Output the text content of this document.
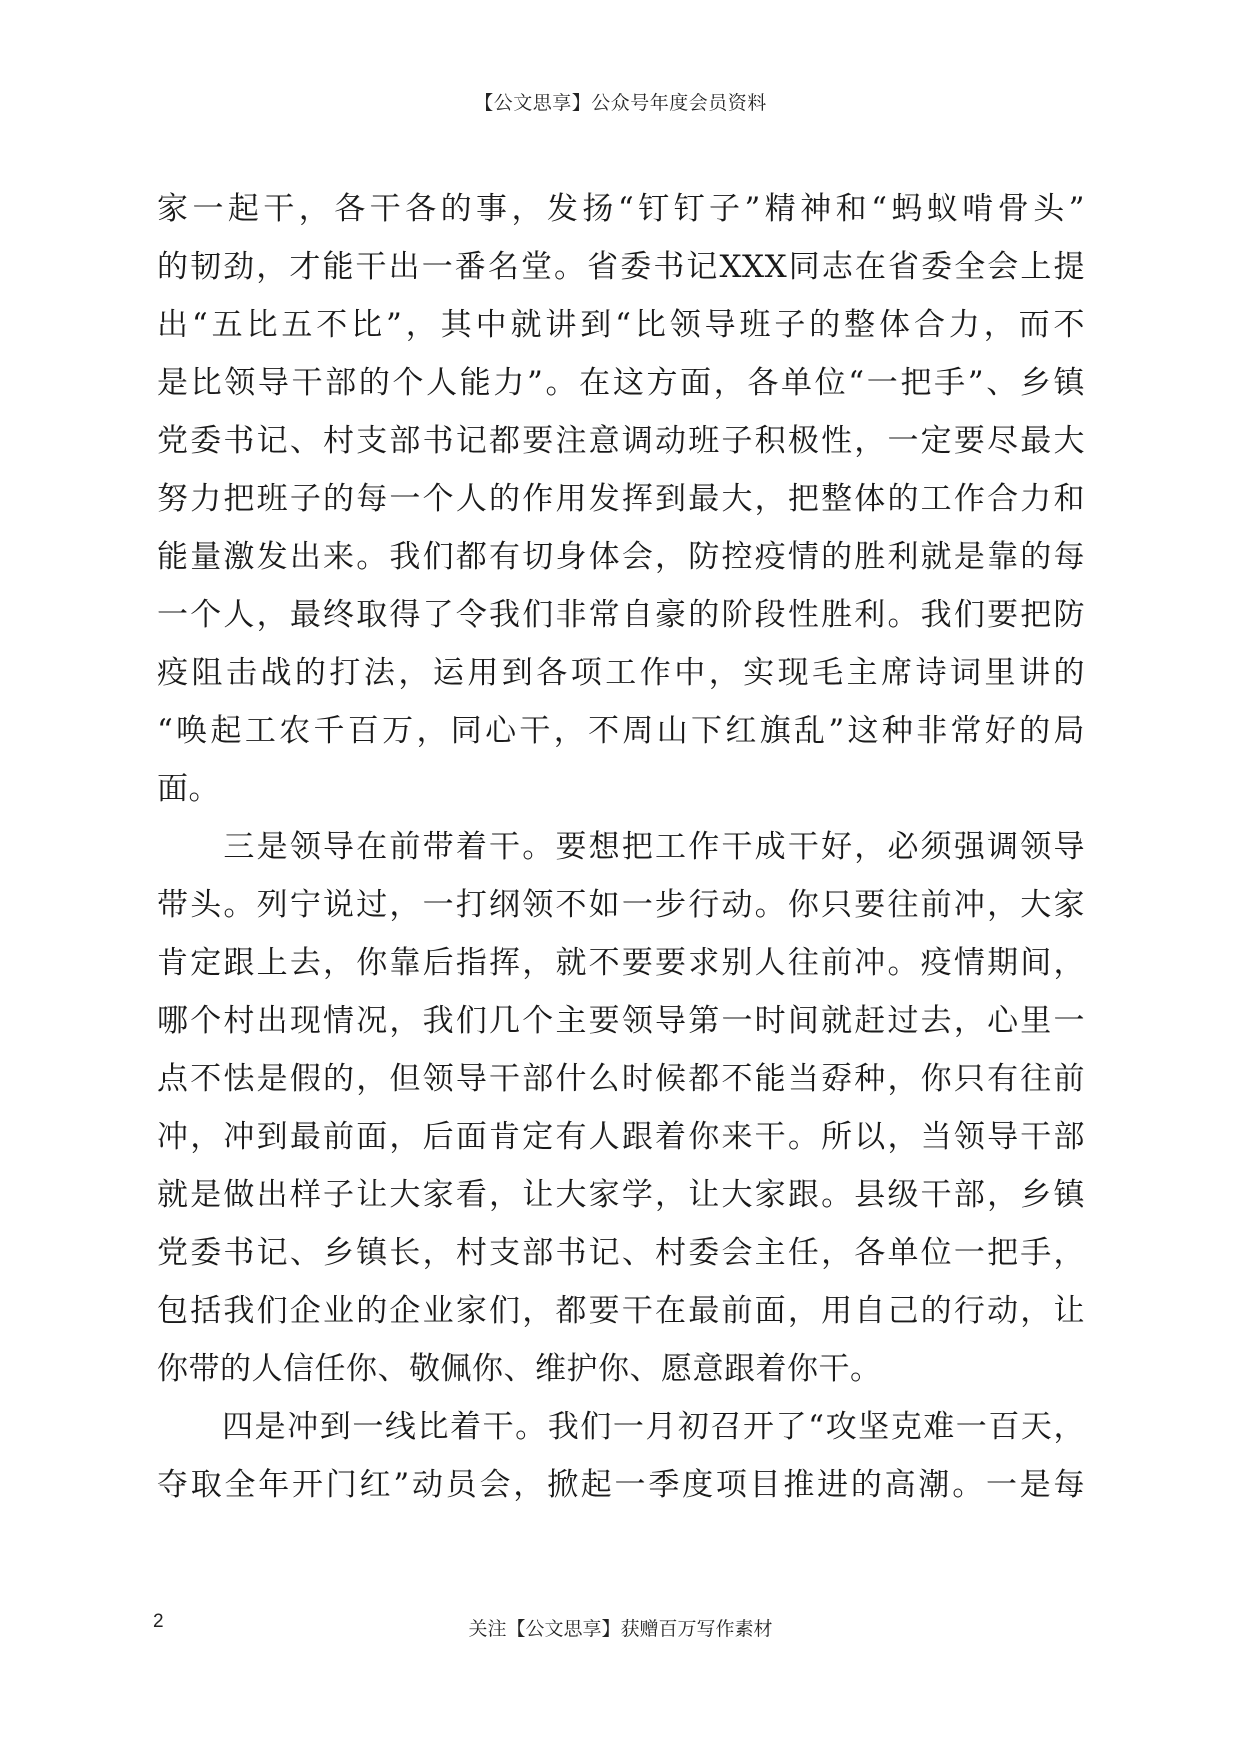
【公文思享】公众号年度会员资料
家一起干，各干各的事，发扬“钉钉子”精神和“蚂蚁啃骨头”
的韧劲，才能干出一番名堂。省委书记XXX同志在省委全会上提
出“五比五不比”，其中就讲到“比领导班子的整体合力，而不
是比领导干部的个人能力”。在这方面，各单位“一把手”、乡镇
党委书记、村支部书记都要注意调动班子积极性，一定要尽最大
努力把班子的每一个人的作用发挥到最大，把整体的工作合力和
能量激发出来。我们都有切身体会，防控疫情的胜利就是靠的每
一个人，最终取得了令我们非常自豪的阶段性胜利。我们要把防
疫阻击战的打法，运用到各项工作中，实现毛主席诗词里讲的
“唤起工农千百万，同心干，不周山下红旗乱”这种非常好的局
面。
　　三是领导在前带着干。要想把工作干成干好，必须强调领导
带头。列宁说过，一打纲领不如一步行动。你只要往前冲，大家
肯定跟上去，你靠后指挥，就不要要求别人往前冲。疫情期间，
哪个村出现情况，我们几个主要领导第一时间就赶过去，心里一
点不怯是假的，但领导干部什么时候都不能当孬种，你只有往前
冲，冲到最前面，后面肯定有人跟着你来干。所以，当领导干部
就是做出样子让大家看，让大家学，让大家跟。县级干部，乡镇
党委书记、乡镇长，村支部书记、村委会主任，各单位一把手，
包括我们企业的企业家们，都要干在最前面，用自己的行动，让
你带的人信任你、敬佩你、维护你、愿意跟着你干。
　　四是冲到一线比着干。我们一月初召开了“攻坚克难一百天，
夺取全年开门红”动员会，掀起一季度项目推进的高潮。一是每
2	关注【公文思享】获赠百万写作素材
